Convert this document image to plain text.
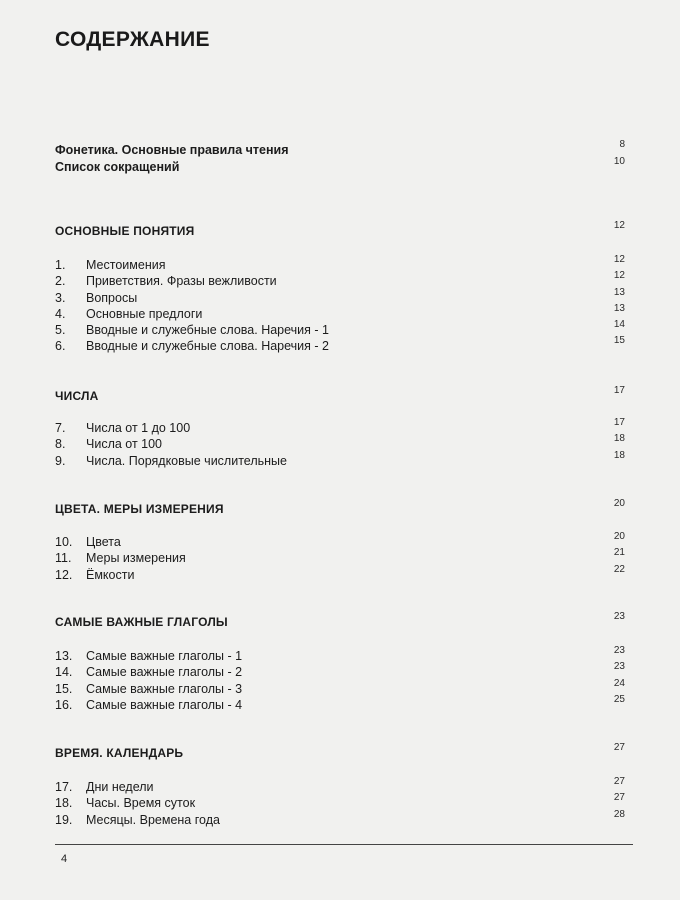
СОДЕРЖАНИЕ
Фонетика. Основные правила чтения	8
Список сокращений	10
ОСНОВНЫЕ ПОНЯТИЯ	12
1. Местоимения	12
2. Приветствия. Фразы вежливости	12
3. Вопросы	13
4. Основные предлоги	13
5. Вводные и служебные слова. Наречия - 1	14
6. Вводные и служебные слова. Наречия - 2	15
ЧИСЛА	17
7. Числа от 1 до 100	17
8. Числа от 100	18
9. Числа. Порядковые числительные	18
ЦВЕТА. МЕРЫ ИЗМЕРЕНИЯ	20
10. Цвета	20
11. Меры измерения	21
12. Ёмкости	22
САМЫЕ ВАЖНЫЕ ГЛАГОЛЫ	23
13. Самые важные глаголы - 1	23
14. Самые важные глаголы - 2	23
15. Самые важные глаголы - 3	24
16. Самые важные глаголы - 4	25
ВРЕМЯ. КАЛЕНДАРЬ	27
17. Дни недели	27
18. Часы. Время суток	27
19. Месяцы. Времена года	28
4
